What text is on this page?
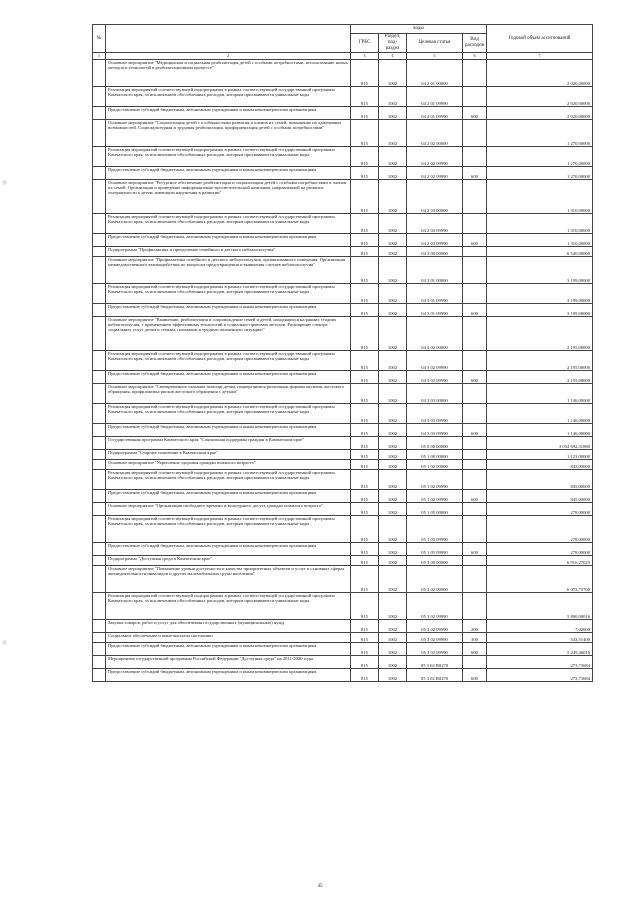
№		коды				Годовой объем ассигнований
		ГРБС	Раздел, под-раздел	Целевая статья	Вид расходов	
1	2	3	4	5	6	7
	Основное мероприятие "Медицинская и социальная реабилитация детей с особыми потребностями, использование новых методов и технологий в реабилитационном процессе"	815	1002	04 2 01 00000		2 020,00000
	Реализация мероприятий соответствующей подпрограммы в рамках соответствующей государственной программы Камчатского края, за исключением обособленных расходов, которым присваиваются уникальные коды	815	1002	04 2 01 09990		2 020,00000
	Предоставление субсидий бюджетным, автономным учреждениям и иным некоммерческим организациям	815	1002	04 2 01 09990	600	2 020,00000
	Основное мероприятие "Социализация детей с особенностями развития и членов их семей, повышение их адаптивных возможностей. Социокультурная и трудовая реабилитация, профориентация детей с особыми потребностями"	815	1002	04 2 02 00000		1 270,00000
	Реализация мероприятий соответствующей подпрограммы в рамках соответствующей государственной программы Камчатского края, за исключением обособленных расходов, которым присваиваются уникальные коды	815	1002	04 2 02 09990		1 270,00000
	Предоставление субсидий бюджетным, автономным учреждениям и иным некоммерческим организациям	815	1002	04 2 02 09990	600	1 270,00000
	Основное мероприятие "Ресурсное обеспечение реабилитации и социализации детей с особыми потребностями и членов их семей. Организация и проведение информационно-просветительской кампании, направленной на развитие толерантности к детям, имеющим нарушения в развитии"	815	1002	04 2 03 00000		1 310,00000
	Реализация мероприятий соответствующей подпрограммы в рамках соответствующей государственной программы Камчатского края, за исключением обособленных расходов, которым присваиваются уникальные коды	815	1002	04 2 03 09990		1 310,00000
	Предоставление субсидий бюджетным, автономным учреждениям и иным некоммерческим организациям	815	1002	04 2 03 09990	600	1 310,00000
	Подпрограмма "Профилактика и преодоление семейного и детского неблагополучия"	815	1002	04 3 00 00000		6 540,00000
	Основное мероприятие "Профилактика семейного и детского неблагополучия, организованного поведения. Организация межведомственного взаимодействия по вопросам предотвращения и выявления случаев неблагополучия"	815	1002	04 3 01 00000		3 199,00000
	Реализация мероприятий соответствующей подпрограммы в рамках соответствующей государственной программы Камчатского края, за исключением обособленных расходов, которым присваиваются уникальные коды	815	1002	04 3 01 09990		3 199,00000
	Предоставление субсидий бюджетным, автономным учреждениям и иным некоммерческим организациям	815	1002	04 3 01 09990	600	3 199,00000
	Основное мероприятие "Выявление, реабилитация и сопровождение семей и детей, находящихся на ранних стадиях неблагополучия, с применением эффективных технологий и социально-правовых методов. Расширение спектра социальных услуг детям и семьям, попавшим в трудную жизненную ситуацию"	815	1002	04 3 02 00000		2 195,00000
	Реализация мероприятий соответствующей подпрограммы в рамках соответствующей государственной программы Камчатского края, за исключением обособленных расходов, которым присваиваются уникальные коды	815	1002	04 3 02 09990		2 195,00000
	Предоставление субсидий бюджетным, автономным учреждениям и иным некоммерческим организациям	815	1002	04 3 02 09990	600	2 195,00000
	Основное мероприятие "Своевременное оказание помощи детям, подвергшимся различным формам насилия, жестокого обращения, профилактика рисков жестокого обращения с детьми"	815	1002	04 3 03 00000		1 146,00000
	Реализация мероприятий соответствующей подпрограммы в рамках соответствующей государственной программы Камчатского края, за исключением обособленных расходов, которым присваиваются уникальные коды	815	1002	04 3 03 09990		1 146,00000
	Предоставление субсидий бюджетным, автономным учреждениям и иным некоммерческим организациям	815	1002	04 3 03 09990	600	1 146,00000
	Государственная программа Камчатского края "Социальная поддержка граждан в Камчатском крае"	815	1002	05 0 00 00000		3 054 692,31880
	Подпрограмма "Старшее поколение в Камчатском крае"	815	1002	05 1 00 00000		1 123,00000
	Основное мероприятие "Укрепление здоровья граждан пожилого возраста"	815	1002	05 1 02 00000		845,00000
	Реализация мероприятий соответствующей подпрограммы в рамках соответствующей государственной программы Камчатского края, за исключением обособленных расходов, которым присваиваются уникальные коды	815	1002	05 1 02 09990		845,00000
	Предоставление субсидий бюджетным, автономным учреждениям и иным некоммерческим организациям	815	1002	05 1 02 09990	600	845,00000
	Основное мероприятие "Организация свободного времени и культурного досуга граждан пожилого возраста"	815	1002	05 1 05 00000		278,00000
	Реализация мероприятий соответствующей подпрограммы в рамках соответствующей государственной программы Камчатского края, за исключением обособленных расходов, которым присваиваются уникальные коды	815	1002	05 1 05 09990		278,00000
	Предоставление субсидий бюджетным, автономным учреждениям и иным некоммерческим организациям	815	1002	05 1 05 09990	600	278,00000
	Подпрограмма "Доступная среда в Камчатском крае"	815	1002	05 3 00 00000		6 916,27025
	Основное мероприятие "Повышение уровня доступности и качества приоритетных объектов и услуг в основных сферах жизнедеятельности инвалидов и других маломобильных групп населения"	815	1002	05 3 02 00000		6 073,75700
	Реализация мероприятий соответствующей подпрограммы в рамках соответствующей государственной программы Камчатского края, за исключением обособленных расходов, которым присваиваются уникальные коды	815	1002	05 3 02 09990		5 800,00016
	Закупка товаров, работ и услуг для обеспечения государственных (муниципальных) нужд	815	1002	05 3 02 09990	200	7,02600
	Социальное обеспечение и иные выплаты населению	815	1002	05 3 02 09990	300	543,51400
	Предоставление субсидий бюджетным, автономным учреждениям и иным некоммерческим организациям	815	1002	05 3 02 09990	600	5 249,46016
	Мероприятия государственной программы Российской Федерации "Доступная среда" на 2011-2020 годы	815	1002	05 3 02 R0270		273,73684
	Предоставление субсидий бюджетным, автономным учреждениям и иным некоммерческим организациям	815	1002	05 3 02 R0270	600	273,73684
45
